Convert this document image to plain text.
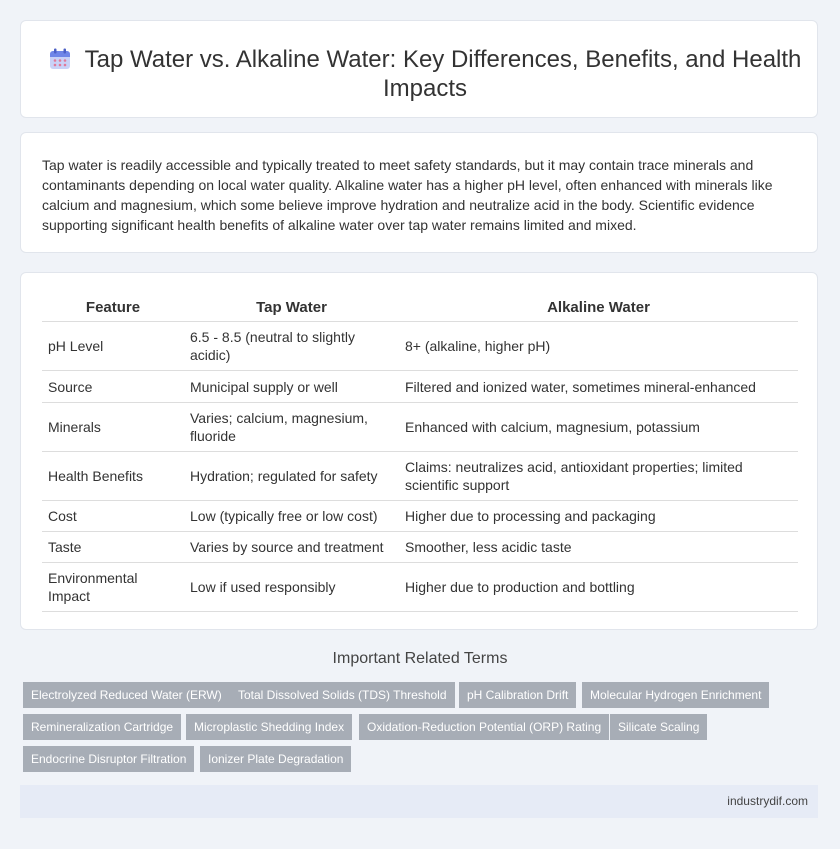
Tap Water vs. Alkaline Water: Key Differences, Benefits, and Health Impacts

Tap water is readily accessible and typically treated to meet safety standards, but it may contain trace minerals and contaminants depending on local water quality. Alkaline water has a higher pH level, often enhanced with minerals like calcium and magnesium, which some believe improve hydration and neutralize acid in the body. Scientific evidence supporting significant health benefits of alkaline water over tap water remains limited and mixed.

Feature	Tap Water	Alkaline Water
pH Level	6.5 - 8.5 (neutral to slightly acidic)	8+ (alkaline, higher pH)
Source	Municipal supply or well	Filtered and ionized water, sometimes mineral-enhanced
Minerals	Varies; calcium, magnesium, fluoride	Enhanced with calcium, magnesium, potassium
Health Benefits	Hydration; regulated for safety	Claims: neutralizes acid, antioxidant properties; limited scientific support
Cost	Low (typically free or low cost)	Higher due to processing and packaging
Taste	Varies by source and treatment	Smoother, less acidic taste
Environmental Impact	Low if used responsibly	Higher due to production and bottling
Important Related Terms
Electrolyzed Reduced Water (ERW)	Total Dissolved Solids (TDS) Threshold	pH Calibration Drift	Molecular Hydrogen Enrichment
Remineralization Cartridge	Microplastic Shedding Index	Oxidation-Reduction Potential (ORP) Rating	Silicate Scaling
Endocrine Disruptor Filtration	Ionizer Plate Degradation
industrydif.com
